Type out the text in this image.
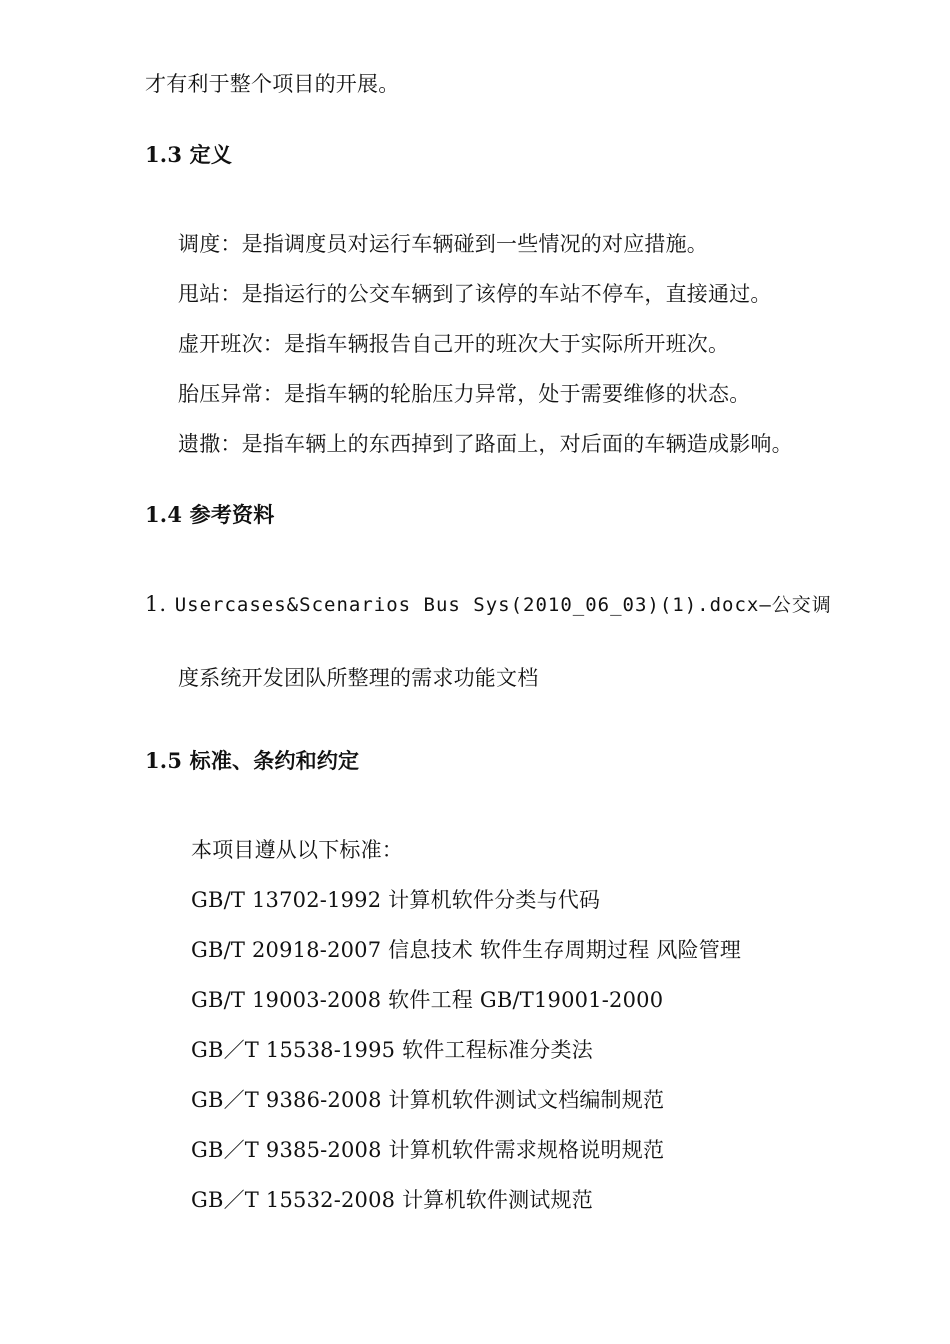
才有利于整个项目的开展。
1.3 定义
调度：是指调度员对运行车辆碰到一些情况的对应措施。
甩站：是指运行的公交车辆到了该停的车站不停车，直接通过。
虚开班次：是指车辆报告自己开的班次大于实际所开班次。
胎压异常：是指车辆的轮胎压力异常，处于需要维修的状态。
遗撒：是指车辆上的东西掉到了路面上，对后面的车辆造成影响。
1.4 参考资料
1. Usercases&Scenarios Bus Sys(2010_06_03)(1).docx—公交调
度系统开发团队所整理的需求功能文档
1.5 标准、条约和约定
本项目遵从以下标准：
GB/T 13702-1992 计算机软件分类与代码
GB/T 20918-2007 信息技术 软件生存周期过程 风险管理
GB/T 19003-2008 软件工程 GB/T19001-2000
GB／T 15538-1995 软件工程标准分类法
GB／T 9386-2008 计算机软件测试文档编制规范
GB／T 9385-2008 计算机软件需求规格说明规范
GB／T 15532-2008 计算机软件测试规范
